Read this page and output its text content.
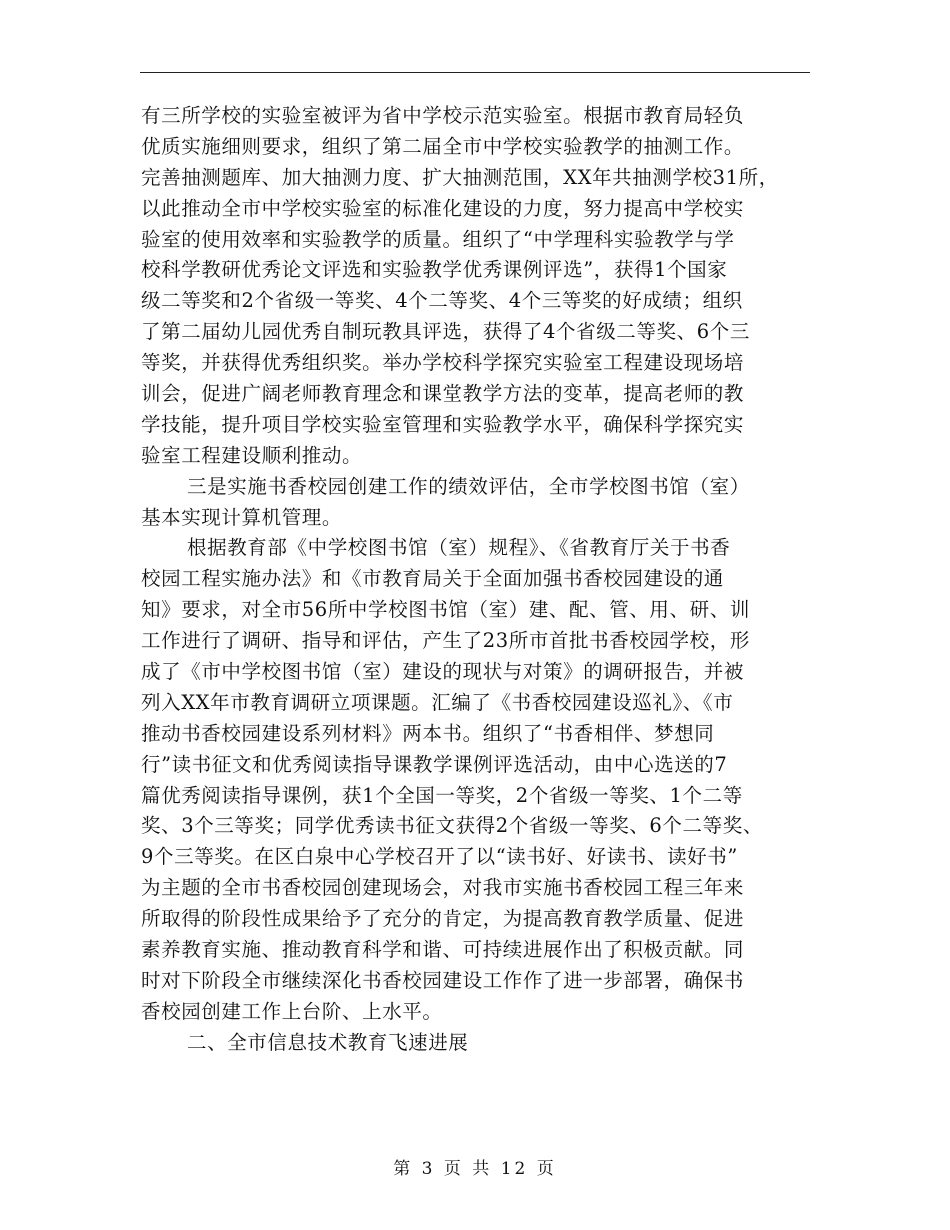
有三所学校的实验室被评为省中学校示范实验室。根据市教育局轻负
优质实施细则要求，组织了第二届全市中学校实验教学的抽测工作。
完善抽测题库、加大抽测力度、扩大抽测范围，XX年共抽测学校31所，
以此推动全市中学校实验室的标准化建设的力度，努力提高中学校实
验室的使用效率和实验教学的质量。组织了“中学理科实验教学与学
校科学教研优秀论文评选和实验教学优秀课例评选”，获得1个国家
级二等奖和2个省级一等奖、4个二等奖、4个三等奖的好成绩；组织
了第二届幼儿园优秀自制玩教具评选，获得了4个省级二等奖、6个三
等奖，并获得优秀组织奖。举办学校科学探究实验室工程建设现场培
训会，促进广阔老师教育理念和课堂教学方法的变革，提高老师的教
学技能，提升项目学校实验室管理和实验教学水平，确保科学探究实
验室工程建设顺利推动。
三是实施书香校园创建工作的绩效评估，全市学校图书馆（室）
基本实现计算机管理。
根据教育部《中学校图书馆（室）规程》、《省教育厅关于书香
校园工程实施办法》和《市教育局关于全面加强书香校园建设的通
知》要求，对全市56所中学校图书馆（室）建、配、管、用、研、训
工作进行了调研、指导和评估，产生了23所市首批书香校园学校，形
成了《市中学校图书馆（室）建设的现状与对策》的调研报告，并被
列入XX年市教育调研立项课题。汇编了《书香校园建设巡礼》、《市
推动书香校园建设系列材料》两本书。组织了“书香相伴、梦想同
行”读书征文和优秀阅读指导课教学课例评选活动，由中心选送的7
篇优秀阅读指导课例，获1个全国一等奖，2个省级一等奖、1个二等
奖、3个三等奖；同学优秀读书征文获得2个省级一等奖、6个二等奖、
9个三等奖。在区白泉中心学校召开了以“读书好、好读书、读好书”
为主题的全市书香校园创建现场会，对我市实施书香校园工程三年来
所取得的阶段性成果给予了充分的肯定，为提高教育教学质量、促进
素养教育实施、推动教育科学和谐、可持续进展作出了积极贡献。同
时对下阶段全市继续深化书香校园建设工作作了进一步部署，确保书
香校园创建工作上台阶、上水平。
二、全市信息技术教育飞速进展
第 3 页 共 12 页
